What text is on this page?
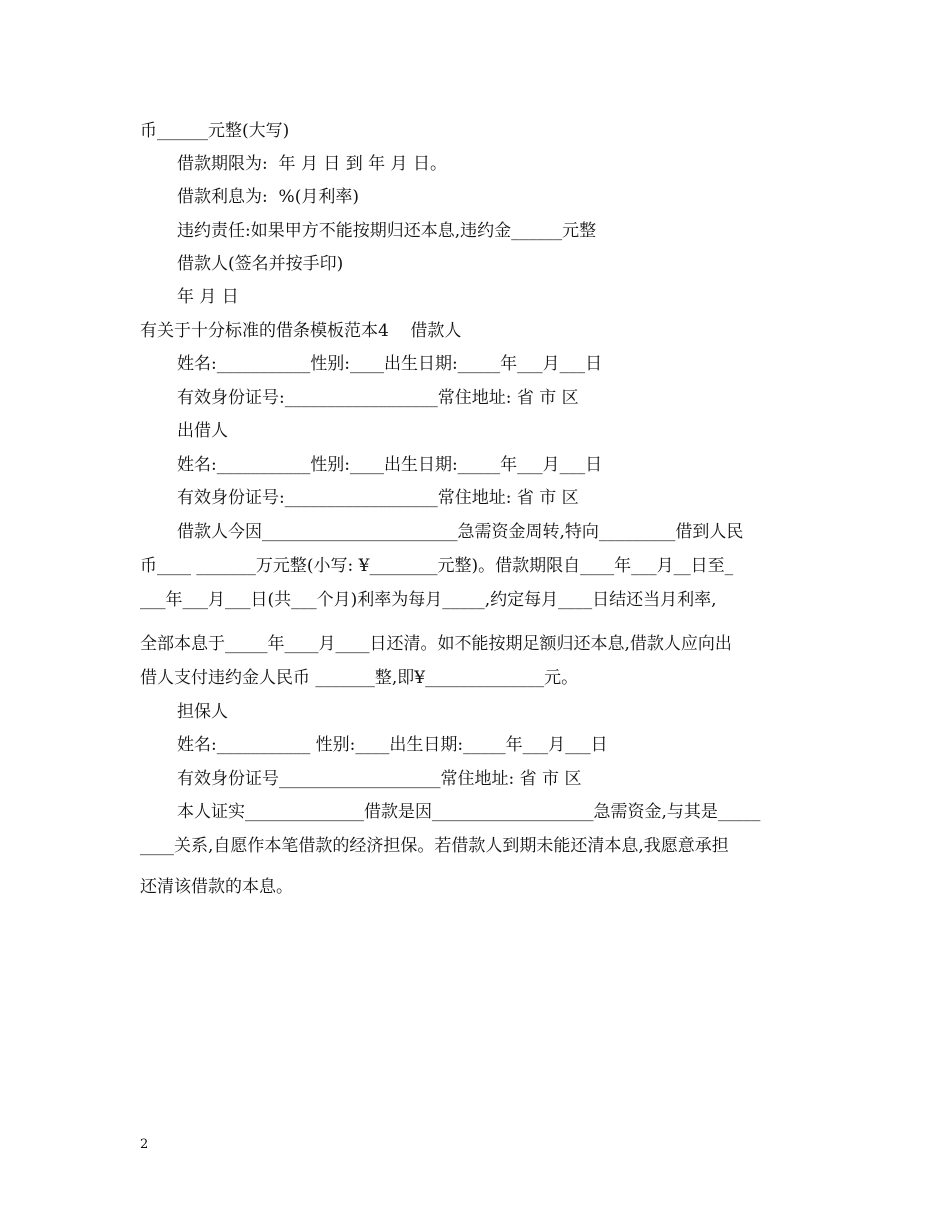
币______元整(大写)
借款期限为:  年 月 日 到 年 月 日。
借款利息为:  %(月利率)
违约责任:如果甲方不能按期归还本息,违约金______元整
借款人(签名并按手印)
年 月 日
有关于十分标准的借条模板范本4    借款人
姓名:___________性别:____出生日期:_____年___月___日
有效身份证号:__________________常住地址: 省 市 区
出借人
姓名:___________性别:____出生日期:_____年___月___日
有效身份证号:__________________常住地址: 省 市 区
借款人今因_______________________急需资金周转,特向_________借到人民
币____ _______万元整(小写: ¥________元整)。借款期限自____年___月__日至_
___年___月___日(共___个月)利率为每月_____,约定每月____日结还当月利率,
全部本息于_____年____月____日还清。如不能按期足额归还本息,借款人应向出
借人支付违约金人民币 _______整,即¥______________元。
担保人
姓名:___________ 性别:____出生日期:_____年___月___日
有效身份证号___________________常住地址: 省 市 区
本人证实______________借款是因___________________急需资金,与其是_____
____关系,自愿作本笔借款的经济担保。若借款人到期未能还清本息,我愿意承担
还清该借款的本息。
2
